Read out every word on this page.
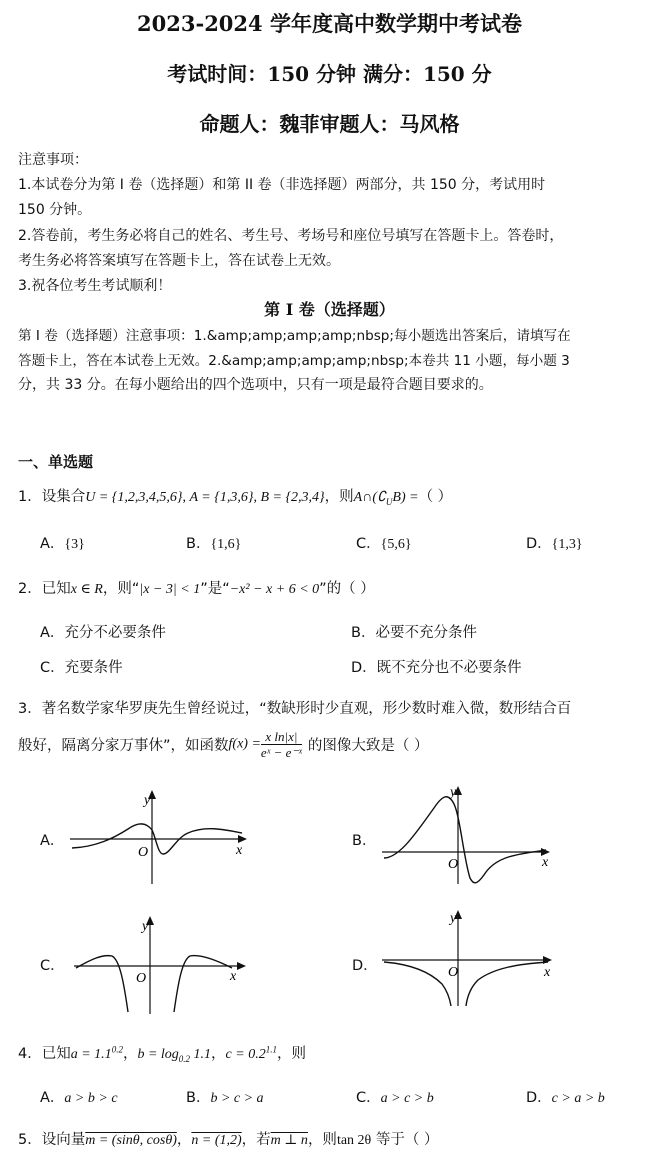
2023-2024 学年度高中数学期中考试卷
考试时间：150 分钟 满分：150 分
命题人：魏菲审题人：马风格
注意事项：
1.本试卷分为第 I 卷（选择题）和第 II 卷（非选择题）两部分，共 150 分，考试用时
150 分钟。
2.答卷前，考生务必将自己的姓名、考生号、考场号和座位号填写在答题卡上。答卷时，
考生务必将答案填写在答题卡上，答在试卷上无效。
3.祝各位考生考试顺利！
第 I 卷（选择题）
第 I 卷（选择题）注意事项：1.&amp;amp;amp;amp;nbsp;每小题选出答案后，请填写在
答题卡上，答在本试卷上无效。2.&amp;amp;amp;amp;nbsp;本卷共 11 小题，每小题 3
分，共 33 分。在每小题给出的四个选项中，只有一项是最符合题目要求的。
一、单选题
1．设集合U = {1,2,3,4,5,6}, A = {1,3,6}, B = {2,3,4}，则$A\cap(∁_UB)$ =（ ）
A．{3}	B．{1,6}	C．{5,6}	D．{1,3}
2．已知x ∈ R，则“|x − 3| < 1”是“−x² − x + 6 < 0”的（ ）
A．充分不必要条件	B．必要不充分条件
C．充要条件	D．既不充分也不必要条件
3．著名数学家华罗庚先生曾经说过，“数缺形时少直观，形少数时难入微，数形结合百
般好，隔离分家万事休”，如函数$f(x) = \frac{\text{x ln|x|}}{\text{eˣ − e⁻ˣ}}$ 的图像大致是（ ）
A．
y
O	x
B．
y
O	x
C．
y
O	x
D．
y
O	x
4．已知$a = 1.1^{0.2}$，$b = \log_{0.2} 1.1$，$c = 0.2^{1.1}$，则
A．a > b > c	B．b > c > a	C．a > c > b	D．c > a > b
5．设向量m = (sinθ, cosθ)，n = (1,2)，若m ⊥ n，则tan 2θ 等于（ ）
